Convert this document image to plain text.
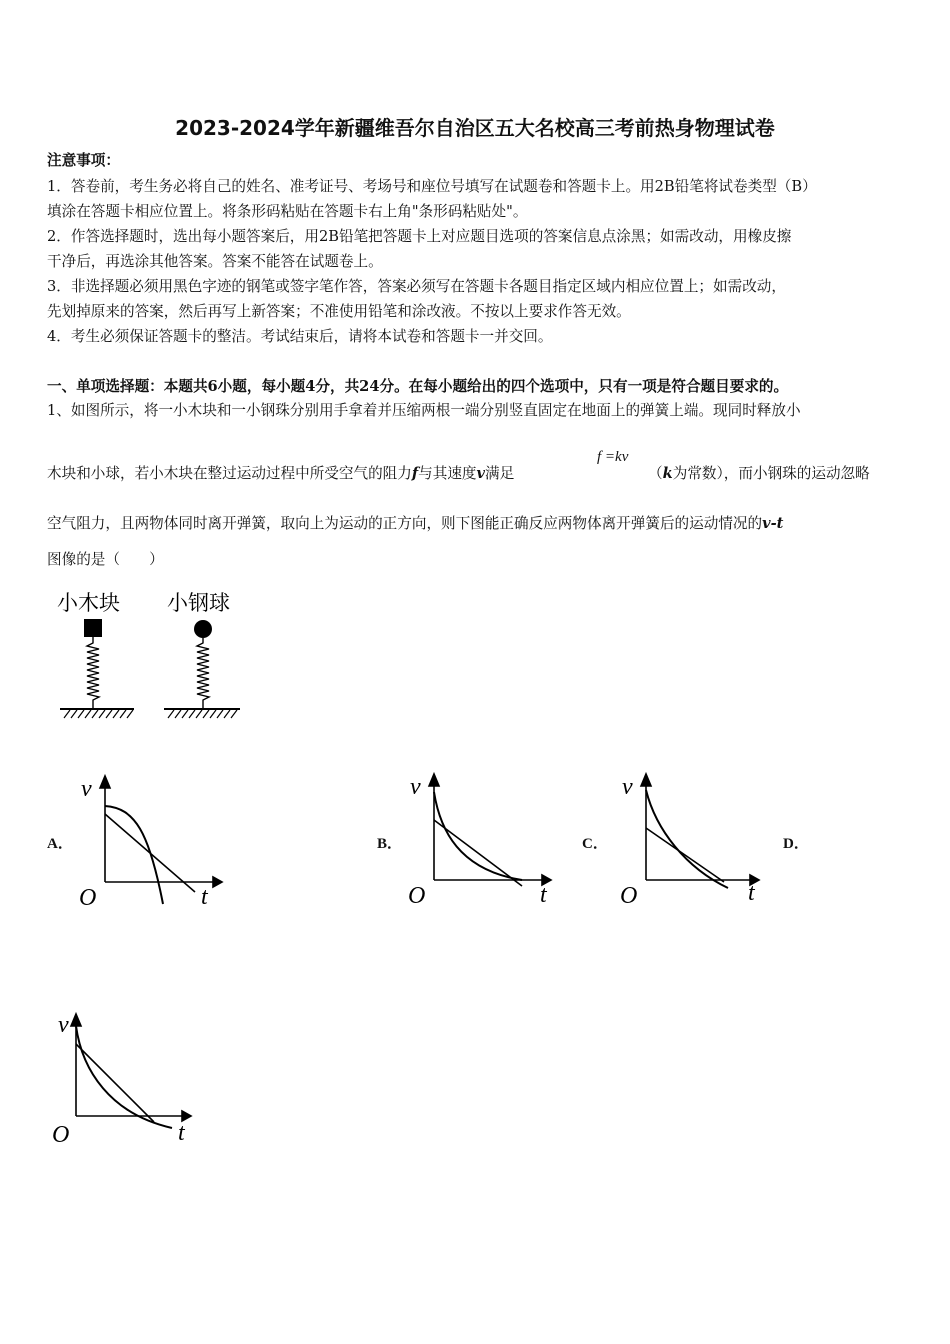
2023-2024学年新疆维吾尔自治区五大名校高三考前热身物理试卷
注意事项：
1．答卷前，考生务必将自己的姓名、准考证号、考场号和座位号填写在试题卷和答题卡上。用2B铅笔将试卷类型（B）
填涂在答题卡相应位置上。将条形码粘贴在答题卡右上角"条形码粘贴处"。
2．作答选择题时，选出每小题答案后，用2B铅笔把答题卡上对应题目选项的答案信息点涂黑；如需改动，用橡皮擦
干净后，再选涂其他答案。答案不能答在试题卷上。
3．非选择题必须用黑色字迹的钢笔或签字笔作答，答案必须写在答题卡各题目指定区域内相应位置上；如需改动，
先划掉原来的答案，然后再写上新答案；不准使用铅笔和涂改液。不按以上要求作答无效。
4．考生必须保证答题卡的整洁。考试结束后，请将本试卷和答题卡一并交回。
一、单项选择题：本题共6小题，每小题4分，共24分。在每小题给出的四个选项中，只有一项是符合题目要求的。
1、如图所示，将一小木块和一小钢珠分别用手拿着并压缩两根一端分别竖直固定在地面上的弹簧上端。现同时释放小
木块和小球，若小木块在整过运动过程中所受空气的阻力f与其速度v满足
f =kv
（k为常数），而小钢珠的运动忽略
空气阻力，且两物体同时离开弹簧，取向上为运动的正方向，则下图能正确反应两物体离开弹簧后的运动情况的v-t
图像的是（　　）
小木块 小钢球
A．	B．	C．	D．
v
O	t
v
O	t
v
O	t
v
O	t
